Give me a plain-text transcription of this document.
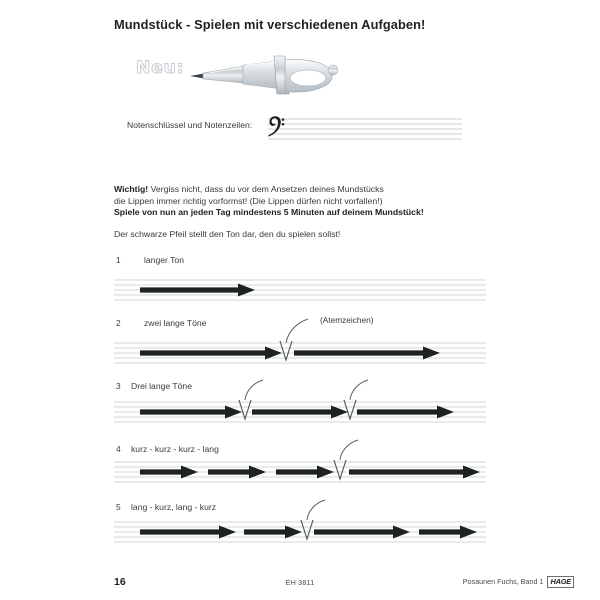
Mundstück - Spielen mit verschiedenen Aufgaben!
Neu:
Notenschlüssel und Notenzeilen:
Wichtig! Vergiss nicht, dass du vor dem Ansetzen deines Mundstücks
die Lippen immer richtig vorformst! (Die Lippen dürfen nicht vorfallen!)
Spiele von nun an jeden Tag mindestens 5 Minuten auf deinem Mundstück!
Der schwarze Pfeil stellt den Ton dar, den du spielen sollst!
1	langer Ton
2	zwei lange Töne	(Atemzeichen)
3 Drei lange Töne
4 kurz - kurz - kurz - lang
5 lang - kurz, lang - kurz
16	EH 3811	Posaunen Fuchs, Band 1 HAGE
